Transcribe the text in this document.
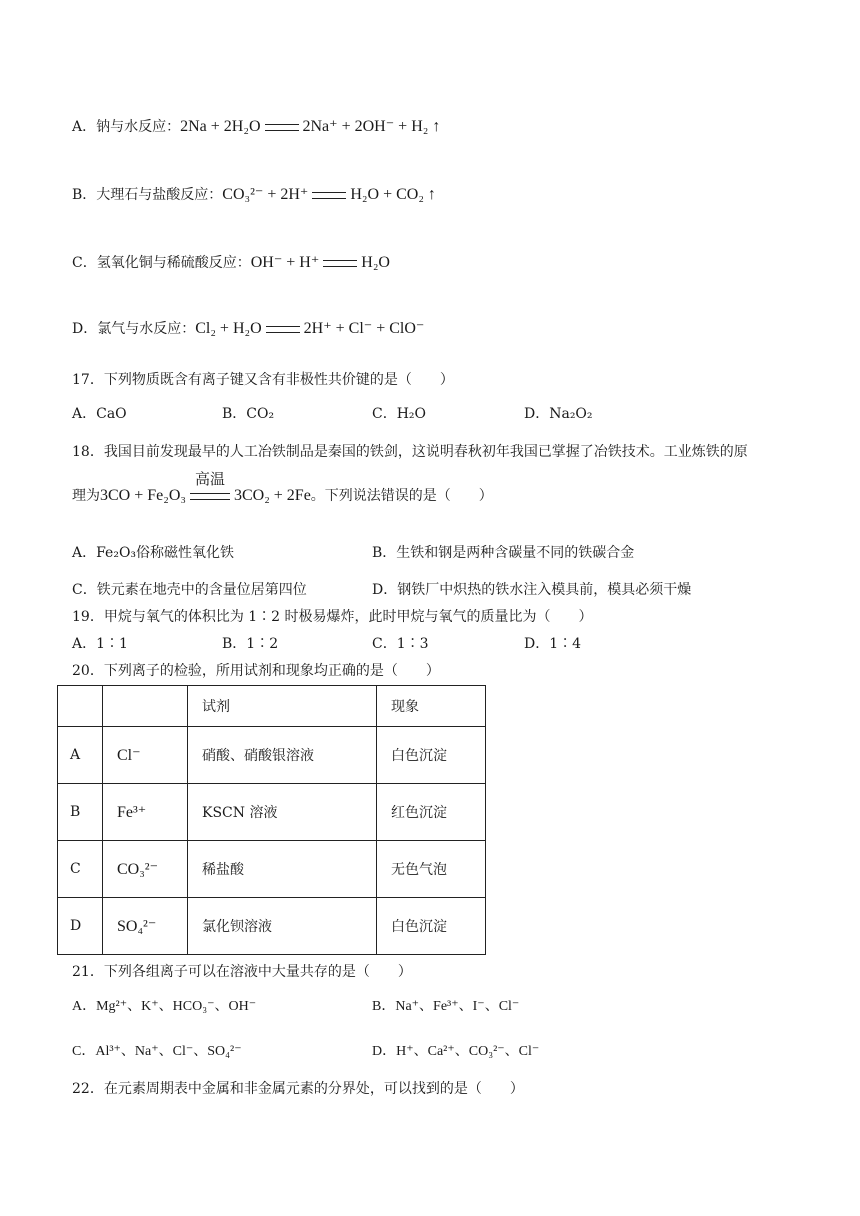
A．钠与水反应：2Na + 2H₂O	2Na⁺ + 2OH⁻ + H₂ ↑
B．大理石与盐酸反应：CO₃²⁻ + 2H⁺	H₂O + CO₂ ↑
C．氢氧化铜与稀硫酸反应：OH⁻ + H⁺	H₂O
D．氯气与水反应：Cl₂ + H₂O	2H⁺ + Cl⁻ + ClO⁻
17．下列物质既含有离子键又含有非极性共价键的是（　　）
A．CaO	B．CO₂	C．H₂O	D．Na₂O₂
18．我国目前发现最早的人工冶铁制品是秦国的铁剑，这说明春秋初年我国已掌握了冶铁技术。工业炼铁的原
理为3CO + Fe₂O₃
高温
3CO₂ + 2Fe。下列说法错误的是（　　）
A．Fe₂O₃俗称磁性氧化铁	B．生铁和钢是两种含碳量不同的铁碳合金
C．铁元素在地壳中的含量位居第四位	D．钢铁厂中炽热的铁水注入模具前，模具必须干燥
19．甲烷与氧气的体积比为 1∶2 时极易爆炸，此时甲烷与氧气的质量比为（　　）
A．1∶1	B．1∶2	C．1∶3	D．1∶4
20．下列离子的检验，所用试剂和现象均正确的是（　　）
		试剂	现象
A	Cl⁻	硝酸、硝酸银溶液	白色沉淀
B	Fe³⁺	KSCN 溶液	红色沉淀
C	CO₃²⁻	稀盐酸	无色气泡
D	SO₄²⁻	氯化钡溶液	白色沉淀
21．下列各组离子可以在溶液中大量共存的是（　　）
A．Mg²⁺、K⁺、HCO₃⁻、OH⁻	B．Na⁺、Fe³⁺、I⁻、Cl⁻
C．Al³⁺、Na⁺、Cl⁻、SO₄²⁻	D．H⁺、Ca²⁺、CO₃²⁻、Cl⁻
22．在元素周期表中金属和非金属元素的分界处，可以找到的是（　　）
